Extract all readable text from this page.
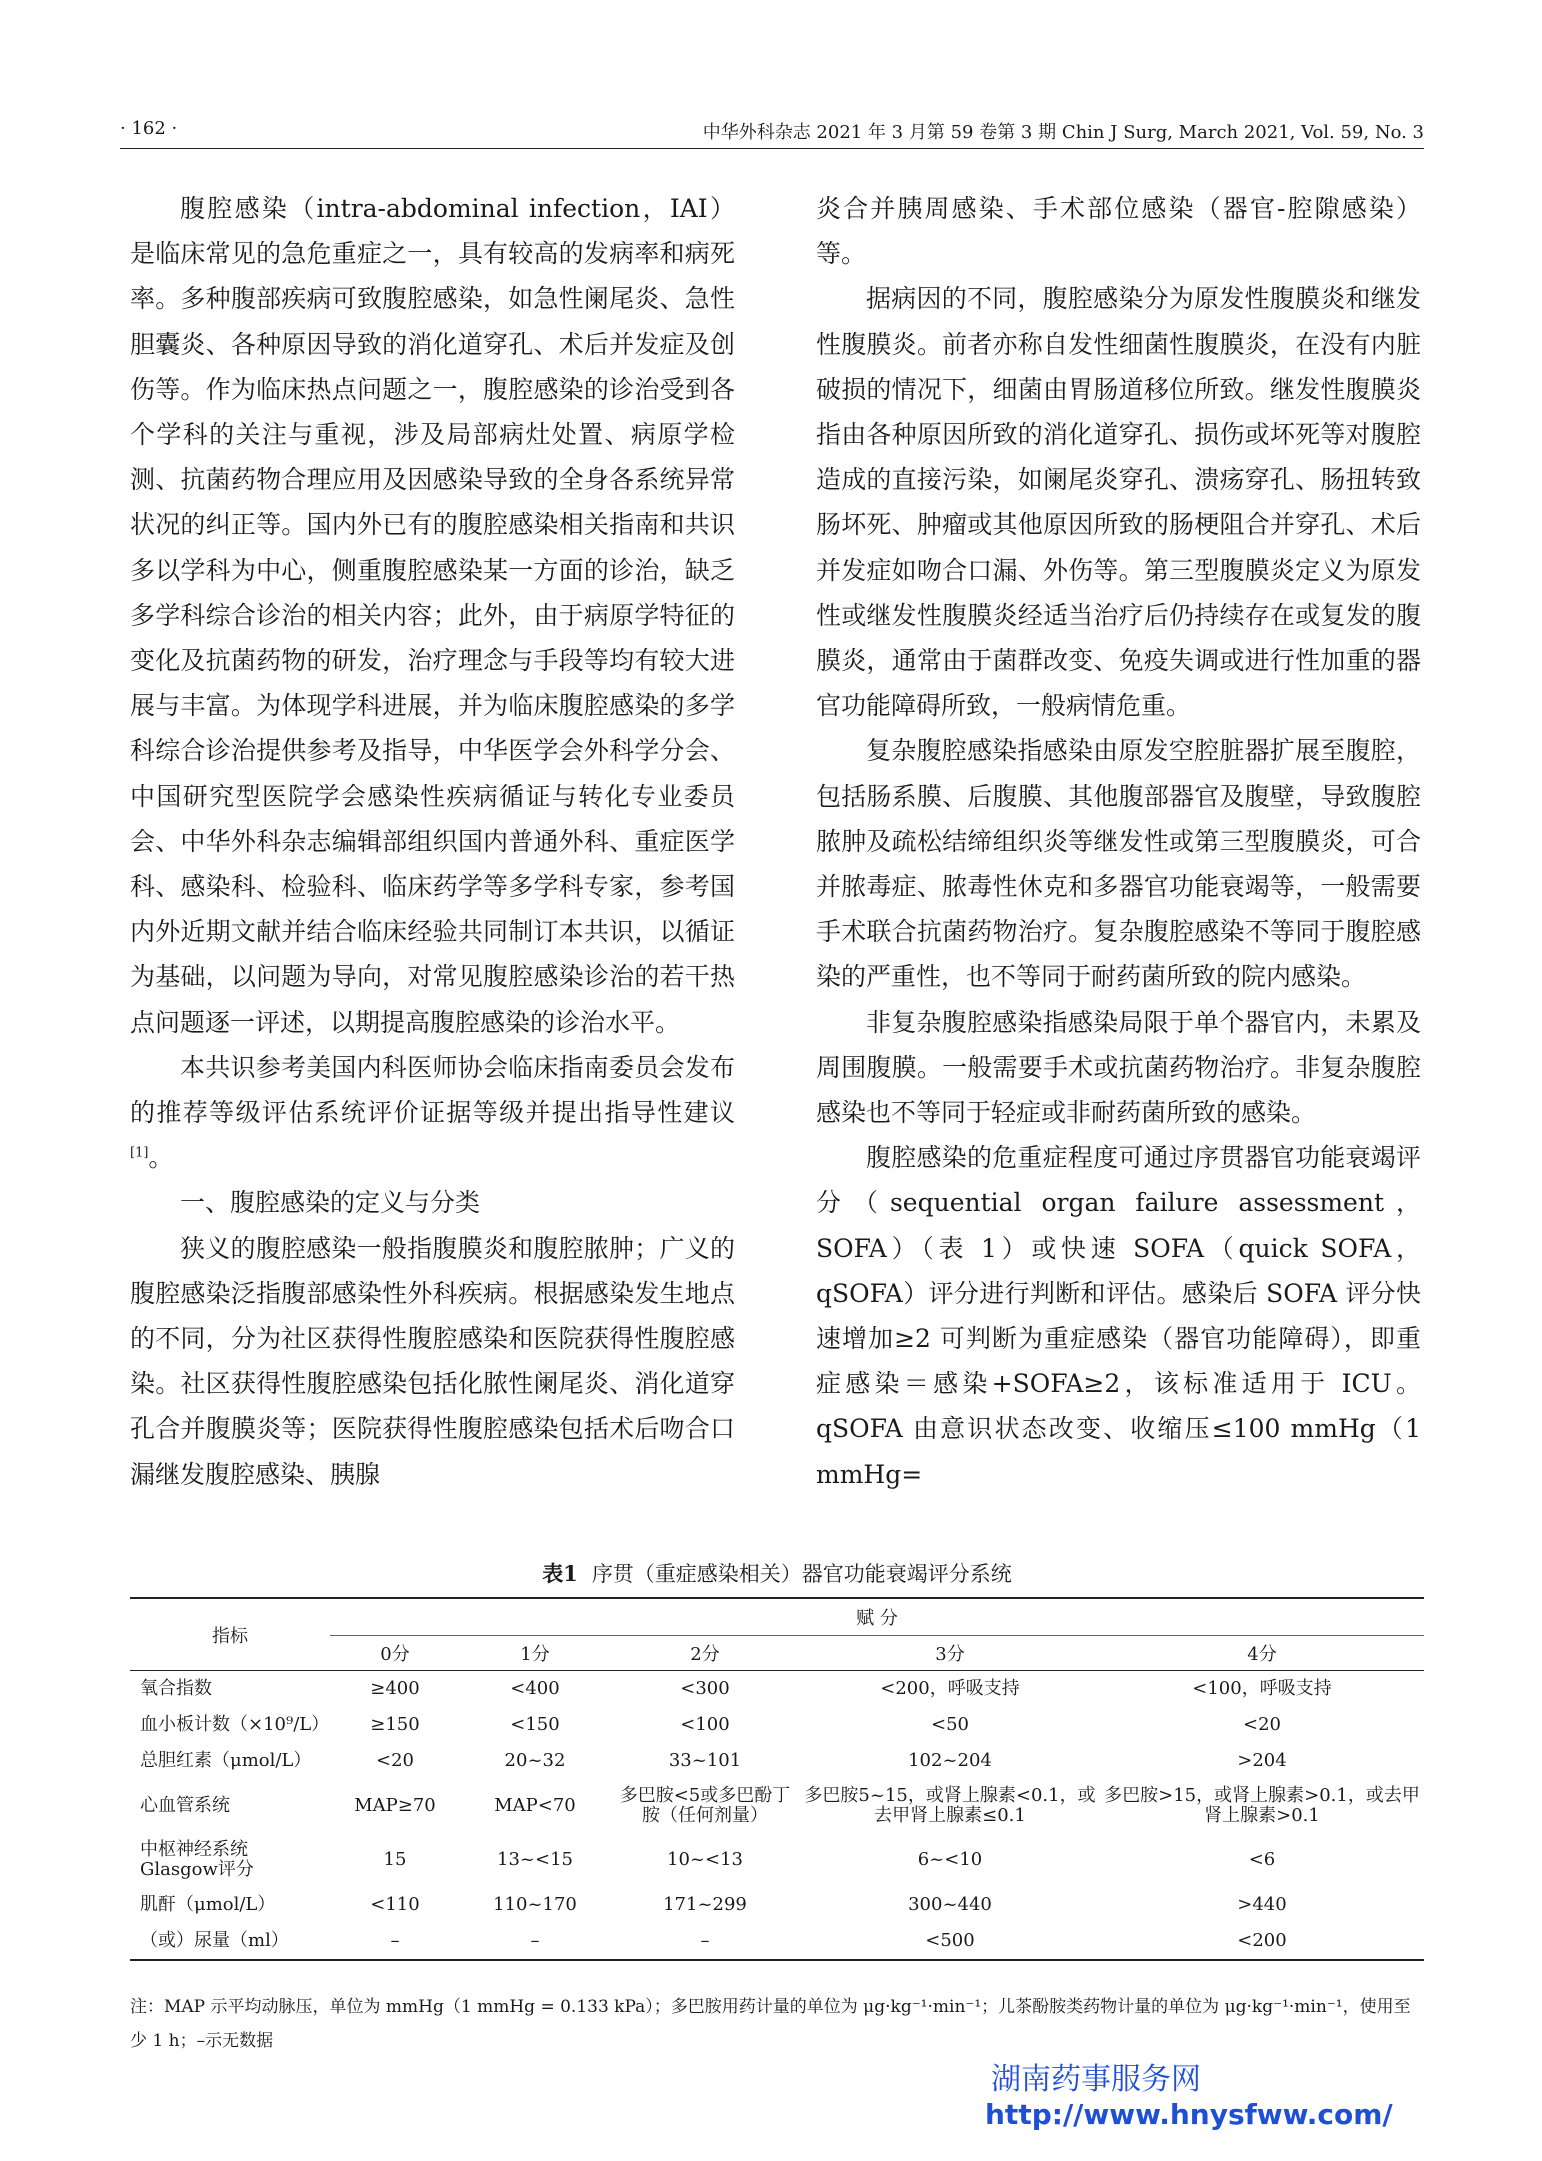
· 162 ·	中华外科杂志 2021 年 3 月第 59 卷第 3 期 Chin J Surg, March 2021, Vol. 59, No. 3

腹腔感染（intra-abdominal infection，IAI）是临床常见的急危重症之一，具有较高的发病率和病死率。多种腹部疾病可致腹腔感染，如急性阑尾炎、急性胆囊炎、各种原因导致的消化道穿孔、术后并发症及创伤等。作为临床热点问题之一，腹腔感染的诊治受到各个学科的关注与重视，涉及局部病灶处置、病原学检测、抗菌药物合理应用及因感染导致的全身各系统异常状况的纠正等。国内外已有的腹腔感染相关指南和共识多以学科为中心，侧重腹腔感染某一方面的诊治，缺乏多学科综合诊治的相关内容；此外，由于病原学特征的变化及抗菌药物的研发，治疗理念与手段等均有较大进展与丰富。为体现学科进展，并为临床腹腔感染的多学科综合诊治提供参考及指导，中华医学会外科学分会、中国研究型医院学会感染性疾病循证与转化专业委员会、中华外科杂志编辑部组织国内普通外科、重症医学科、感染科、检验科、临床药学等多学科专家，参考国内外近期文献并结合临床经验共同制订本共识，以循证为基础，以问题为导向，对常见腹腔感染诊治的若干热点问题逐一评述，以期提高腹腔感染的诊治水平。

本共识参考美国内科医师协会临床指南委员会发布的推荐等级评估系统评价证据等级并提出指导性建议[1]。

一、腹腔感染的定义与分类

狭义的腹腔感染一般指腹膜炎和腹腔脓肿；广义的腹腔感染泛指腹部感染性外科疾病。根据感染发生地点的不同，分为社区获得性腹腔感染和医院获得性腹腔感染。社区获得性腹腔感染包括化脓性阑尾炎、消化道穿孔合并腹膜炎等；医院获得性腹腔感染包括术后吻合口漏继发腹腔感染、胰腺

炎合并胰周感染、手术部位感染（器官-腔隙感染）等。

据病因的不同，腹腔感染分为原发性腹膜炎和继发性腹膜炎。前者亦称自发性细菌性腹膜炎，在没有内脏破损的情况下，细菌由胃肠道移位所致。继发性腹膜炎指由各种原因所致的消化道穿孔、损伤或坏死等对腹腔造成的直接污染，如阑尾炎穿孔、溃疡穿孔、肠扭转致肠坏死、肿瘤或其他原因所致的肠梗阻合并穿孔、术后并发症如吻合口漏、外伤等。第三型腹膜炎定义为原发性或继发性腹膜炎经适当治疗后仍持续存在或复发的腹膜炎，通常由于菌群改变、免疫失调或进行性加重的器官功能障碍所致，一般病情危重。

复杂腹腔感染指感染由原发空腔脏器扩展至腹腔，包括肠系膜、后腹膜、其他腹部器官及腹壁，导致腹腔脓肿及疏松结缔组织炎等继发性或第三型腹膜炎，可合并脓毒症、脓毒性休克和多器官功能衰竭等，一般需要手术联合抗菌药物治疗。复杂腹腔感染不等同于腹腔感染的严重性，也不等同于耐药菌所致的院内感染。

非复杂腹腔感染指感染局限于单个器官内，未累及周围腹膜。一般需要手术或抗菌药物治疗。非复杂腹腔感染也不等同于轻症或非耐药菌所致的感染。

腹腔感染的危重症程度可通过序贯器官功能衰竭评分（sequential organ failure assessment，SOFA）（表 1）或快速 SOFA（quick SOFA，qSOFA）评分进行判断和评估。感染后 SOFA 评分快速增加≥2 可判断为重症感染（器官功能障碍），即重症感染＝感染+SOFA≥2，该标准适用于 ICU。qSOFA 由意识状态改变、收缩压≤100 mmHg（1 mmHg=

表1 序贯（重症感染相关）器官功能衰竭评分系统
指标	赋 分				
	0分	1分	2分	3分	4分
氧合指数	≥400	<400	<300	<200，呼吸支持	<100，呼吸支持
血小板计数（×10⁹/L）	≥150	<150	<100	<50	<20
总胆红素（μmol/L）	<20	20~32	33~101	102~204	>204
心血管系统	MAP≥70	MAP<70	多巴胺<5或多巴酚丁胺（任何剂量）	多巴胺5~15，或肾上腺素<0.1，或去甲肾上腺素≤0.1	多巴胺>15，或肾上腺素>0.1，或去甲肾上腺素>0.1
中枢神经系统 Glasgow评分	15	13~<15	10~<13	6~<10	<6
肌酐（μmol/L）	<110	110~170	171~299	300~440	>440
（或）尿量（ml）	–	–	–	<500	<200
注：MAP 示平均动脉压，单位为 mmHg（1 mmHg = 0.133 kPa）；多巴胺用药计量的单位为 μg·kg⁻¹·min⁻¹；儿茶酚胺类药物计量的单位为 μg·kg⁻¹·min⁻¹，使用至少 1 h；–示无数据
湖南药事服务网
http://www.hnysfww.com/
